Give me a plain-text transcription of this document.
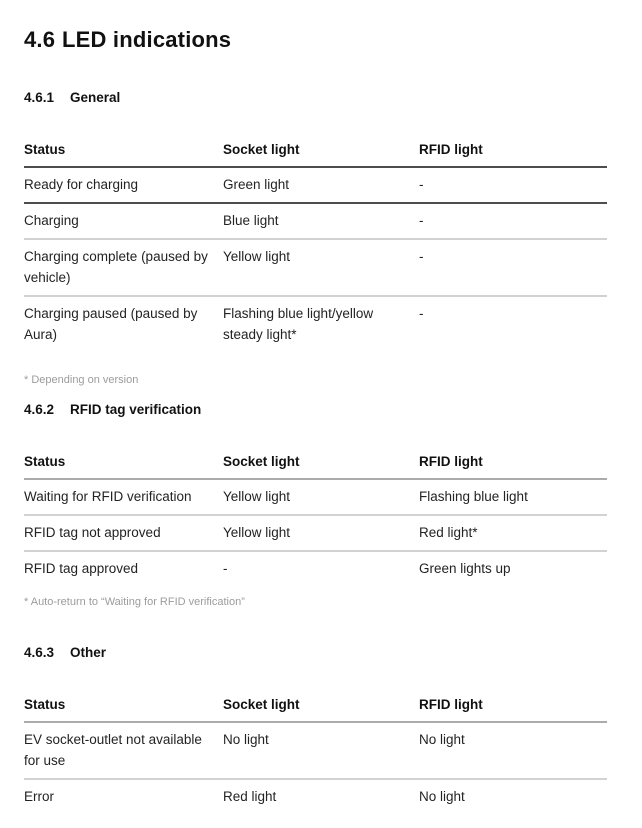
4.6 LED indications
4.6.1 General
Status	Socket light	RFID light
Ready for charging	Green light	-
Charging	Blue light	-
Charging complete (paused by vehicle)	Yellow light	-
Charging paused (paused by Aura)	Flashing blue light/yellow steady light*	-

* Depending on version

4.6.2 RFID tag verification
Status	Socket light	RFID light
Waiting for RFID verification	Yellow light	Flashing blue light
RFID tag not approved	Yellow light	Red light*
RFID tag approved	-	Green lights up

* Auto-return to “Waiting for RFID verification”

4.6.3 Other
Status	Socket light	RFID light
EV socket-outlet not available for use	No light	No light
Error	Red light	No light
